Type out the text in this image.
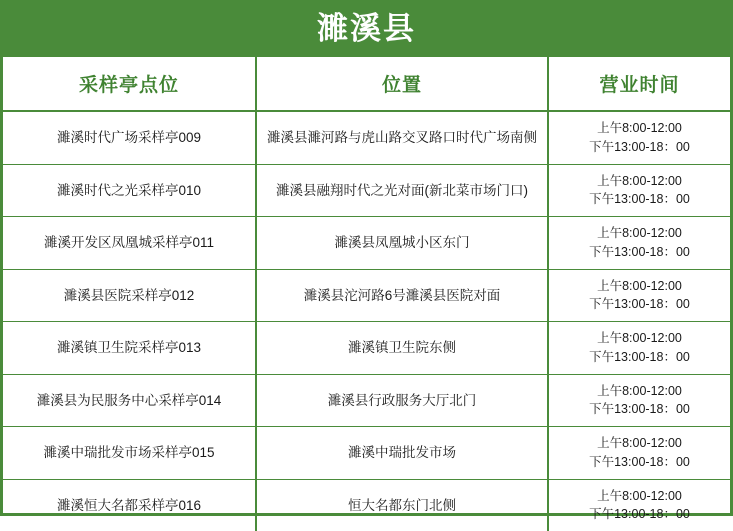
濉溪县
采样亭点位	位置	营业时间
濉溪时代广场采样亭009	濉溪县濉河路与虎山路交叉路口时代广场南侧	上午8:00-12:00
下午13:00-18：00

濉溪时代之光采样亭010	濉溪县融翔时代之光对面(新北菜市场门口)	上午8:00-12:00
下午13:00-18：00

濉溪开发区凤凰城采样亭011	濉溪县凤凰城小区东门	上午8:00-12:00
下午13:00-18：00

濉溪县医院采样亭012	濉溪县沱河路6号濉溪县医院对面	上午8:00-12:00
下午13:00-18：00

濉溪镇卫生院采样亭013	濉溪镇卫生院东侧	上午8:00-12:00
下午13:00-18：00

濉溪县为民服务中心采样亭014	濉溪县行政服务大厅北门	上午8:00-12:00
下午13:00-18：00

濉溪中瑞批发市场采样亭015	濉溪中瑞批发市场	上午8:00-12:00
下午13:00-18：00

濉溪恒大名都采样亭016	恒大名都东门北侧	上午8:00-12:00
下午13:00-18：00
